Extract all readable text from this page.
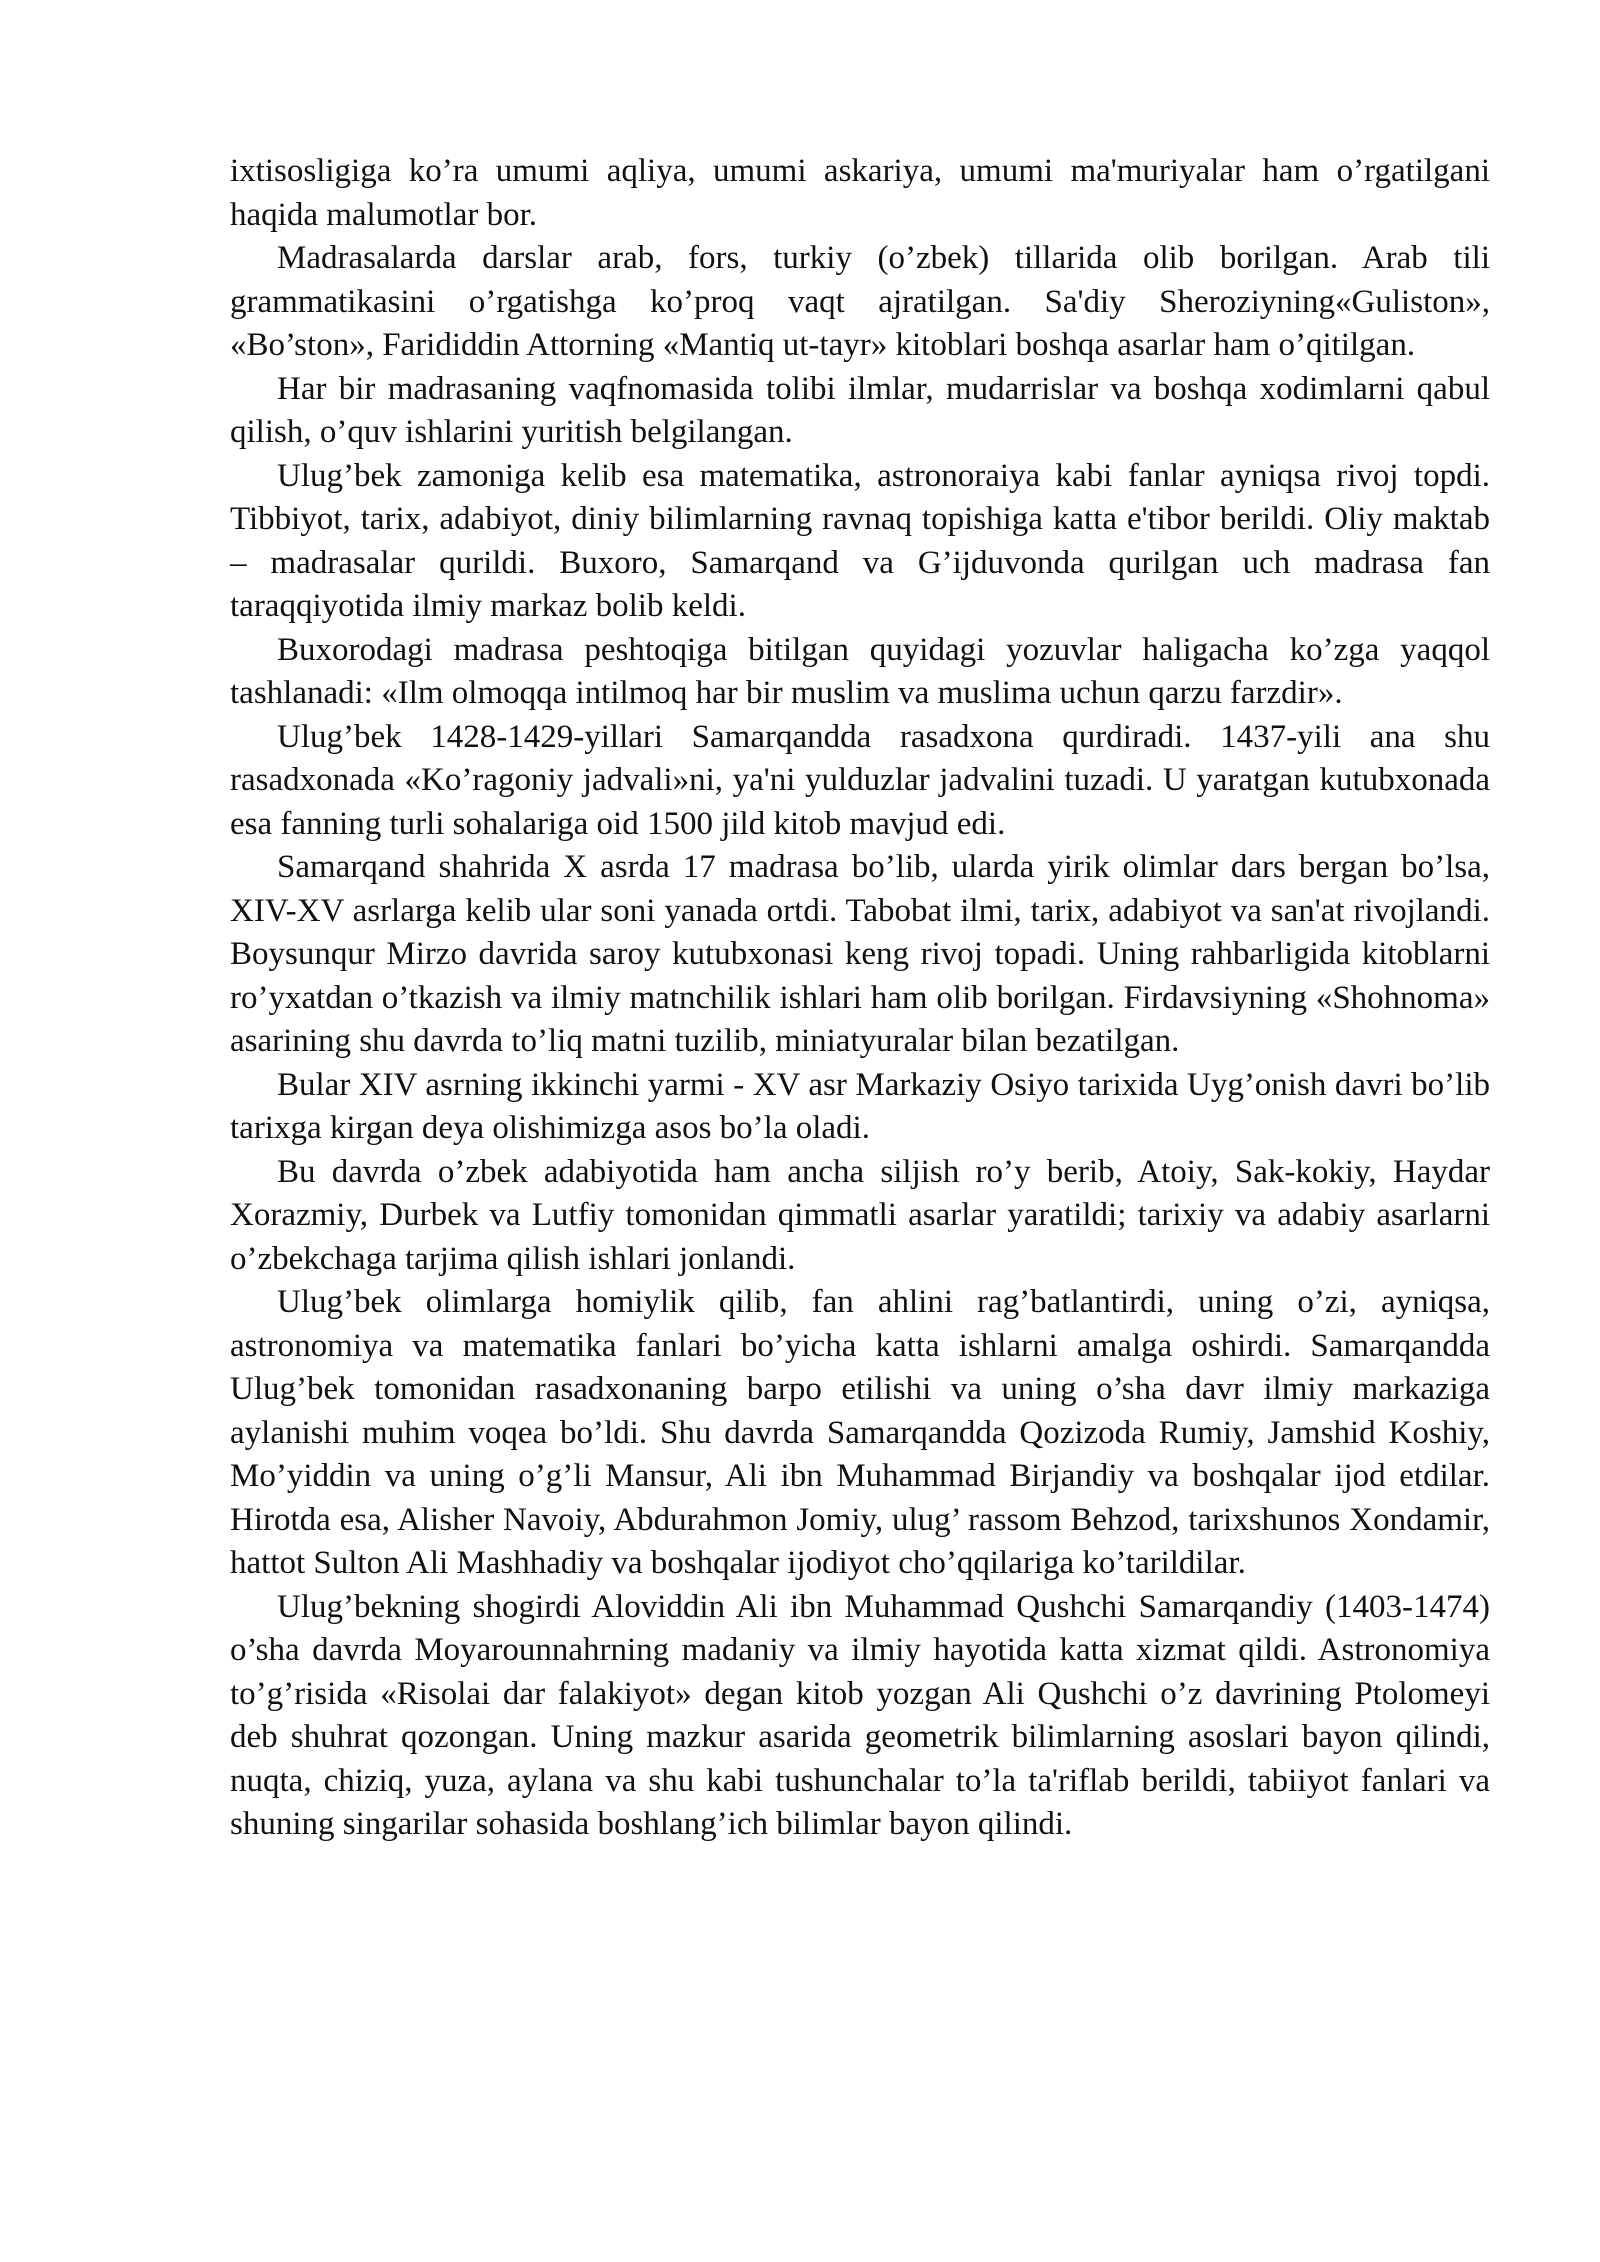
ixtisosligiga ko’ra umumi aqliya, umumi askariya, umumi ma'muriyalar ham o’rgatilgani haqida malumotlar bor.

Madrasalarda darslar arab, fors, turkiy (o’zbek) tillarida olib borilgan. Arab tili grammatikasini o’rgatishga ko’proq vaqt ajratilgan. Sa'diy Sheroziyning«Guliston», «Bo’ston», Farididdin Attorning «Mantiq ut-tayr» kitoblari boshqa asarlar ham o’qitilgan.

Har bir madrasaning vaqfnomasida tolibi ilmlar, mudarrislar va boshqa xodimlarni qabul qilish, o’quv ishlarini yuritish belgilangan.

Ulug’bek zamoniga kelib esa matematika, astronoraiya kabi fanlar ayniqsa rivoj topdi. Tibbiyot, tarix, adabiyot, diniy bilimlarning ravnaq topishiga katta e'tibor berildi. Oliy maktab – madrasalar qurildi. Buxoro, Samarqand va G’ijduvonda qurilgan uch madrasa fan taraqqiyotida ilmiy markaz bolib keldi.

Buxorodagi madrasa peshtoqiga bitilgan quyidagi yozuvlar haligacha ko’zga yaqqol tashlanadi: «Ilm olmoqqa intilmoq har bir muslim va muslima uchun qarzu farzdir».

Ulug’bek 1428-1429-yillari Samarqandda rasadxona qurdiradi. 1437-yili ana shu rasadxonada «Ko’ragoniy jadvali»ni, ya'ni yulduzlar jadvalini tuzadi. U yaratgan kutubxonada esa fanning turli sohalariga oid 1500 jild kitob mavjud edi.

Samarqand shahrida X asrda 17 madrasa bo’lib, ularda yirik olimlar dars bergan bo’lsa, XIV-XV asrlarga kelib ular soni yanada ortdi. Tabobat ilmi, tarix, adabiyot va san'at rivojlandi. Boysunqur Mirzo davrida saroy kutubxonasi keng rivoj topadi. Uning rahbarligida kitoblarni ro’yxatdan o’tkazish va ilmiy matnchilik ishlari ham olib borilgan. Firdavsiyning «Shohnoma» asarining shu davrda to’liq matni tuzilib, miniatyuralar bilan bezatilgan.

Bular XIV asrning ikkinchi yarmi - XV asr Markaziy Osiyo tarixida Uyg’onish davri bo’lib tarixga kirgan deya olishimizga asos bo’la oladi.

Bu davrda o’zbek adabiyotida ham ancha siljish ro’y berib, Atoiy, Sak-kokiy, Haydar Xorazmiy, Durbek va Lutfiy tomonidan qimmatli asarlar yaratildi; tarixiy va adabiy asarlarni o’zbekchaga tarjima qilish ishlari jonlandi.

Ulug’bek olimlarga homiylik qilib, fan ahlini rag’batlantirdi, uning o’zi, ayniqsa, astronomiya va matematika fanlari bo’yicha katta ishlarni amalga oshirdi. Samarqandda Ulug’bek tomonidan rasadxonaning barpo etilishi va uning o’sha davr ilmiy markaziga aylanishi muhim voqea bo’ldi. Shu davrda Samarqandda Qozizoda Rumiy, Jamshid Koshiy, Mo’yiddin va uning o’g’li Mansur, Ali ibn Muhammad Birjandiy va boshqalar ijod etdilar. Hirotda esa, Alisher Navoiy, Abdurahmon Jomiy, ulug’ rassom Behzod, tarixshunos Xondamir, hattot Sulton Ali Mashhadiy va boshqalar ijodiyot cho’qqilariga ko’tarildilar.

Ulug’bekning shogirdi Aloviddin Ali ibn Muhammad Qushchi Samarqandiy (1403-1474) o’sha davrda Moyarounnahrning madaniy va ilmiy hayotida katta xizmat qildi. Astronomiya to’g’risida «Risolai dar falakiyot» degan kitob yozgan Ali Qushchi o’z davrining Ptolomeyi deb shuhrat qozongan. Uning mazkur asarida geometrik bilimlarning asoslari bayon qilindi, nuqta, chiziq, yuza, aylana va shu kabi tushunchalar to’la ta'riflab berildi, tabiiyot fanlari va shuning singarilar sohasida boshlang’ich bilimlar bayon qilindi.
